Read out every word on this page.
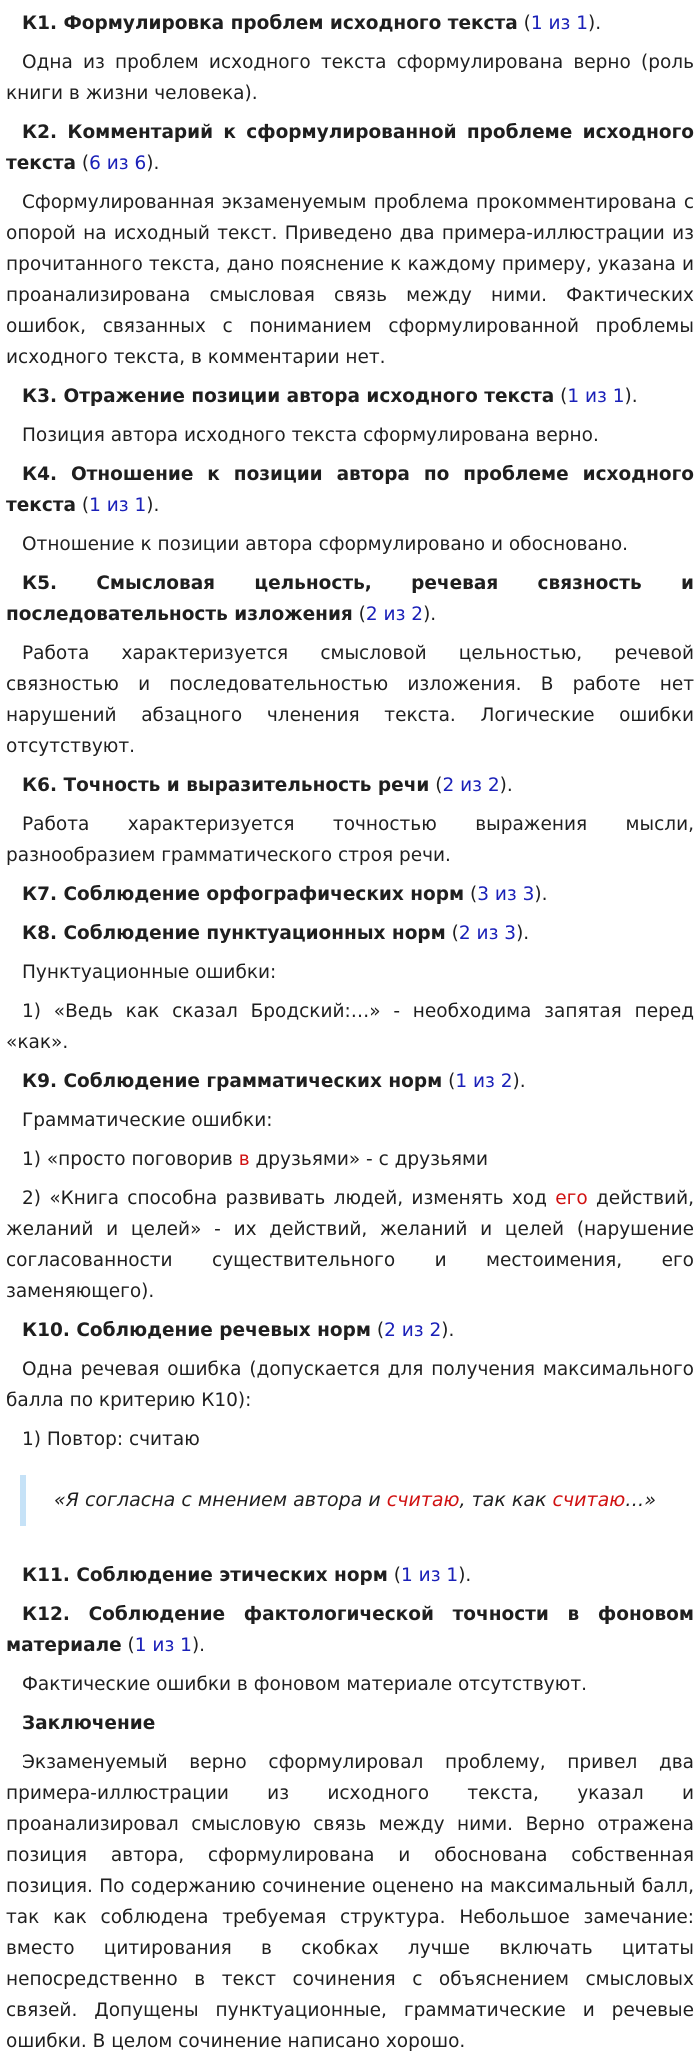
К1. Формулировка проблем исходного текста (1 из 1).

Одна из проблем исходного текста сформулирована верно (роль книги в жизни человека).

К2. Комментарий к сформулированной проблеме исходного текста (6 из 6).

Сформулированная экзаменуемым проблема прокомментирована с опорой на исходный текст. Приведено два примера-иллюстрации из прочитанного текста, дано пояснение к каждому примеру, указана и проанализирована смысловая связь между ними. Фактических ошибок, связанных с пониманием сформулированной проблемы исходного текста, в комментарии нет.

К3. Отражение позиции автора исходного текста (1 из 1).

Позиция автора исходного текста сформулирована верно.

К4. Отношение к позиции автора по проблеме исходного текста (1 из 1).

Отношение к позиции автора сформулировано и обосновано.

К5. Смысловая цельность, речевая связность и последовательность изложения (2 из 2).

Работа характеризуется смысловой цельностью, речевой связностью и последовательностью изложения. В работе нет нарушений абзацного членения текста. Логические ошибки отсутствуют.

К6. Точность и выразительность речи (2 из 2).

Работа характеризуется точностью выражения мысли, разнообразием грамматического строя речи.

К7. Соблюдение орфографических норм (3 из 3).

К8. Соблюдение пунктуационных норм (2 из 3).

Пунктуационные ошибки:

1) «Ведь как сказал Бродский:…» - необходима запятая перед «как».

К9. Соблюдение грамматических норм (1 из 2).

Грамматические ошибки:

1) «просто поговорив в друзьями» - с друзьями

2) «Книга способна развивать людей, изменять ход его действий, желаний и целей» - их действий, желаний и целей (нарушение согласованности существительного и местоимения, его заменяющего).

К10. Соблюдение речевых норм (2 из 2).

Одна речевая ошибка (допускается для получения максимального балла по критерию К10):

1) Повтор: считаю

«Я согласна с мнением автора и считаю, так как считаю…»

К11. Соблюдение этических норм (1 из 1).

К12. Соблюдение фактологической точности в фоновом материале (1 из 1).

Фактические ошибки в фоновом материале отсутствуют.

Заключение

Экзаменуемый верно сформулировал проблему, привел два примера-иллюстрации из исходного текста, указал и проанализировал смысловую связь между ними. Верно отражена позиция автора, сформулирована и обоснована собственная позиция. По содержанию сочинение оценено на максимальный балл, так как соблюдена требуемая структура. Небольшое замечание: вместо цитирования в скобках лучше включать цитаты непосредственно в текст сочинения с объяснением смысловых связей. Допущены пунктуационные, грамматические и речевые ошибки. В целом сочинение написано хорошо.
